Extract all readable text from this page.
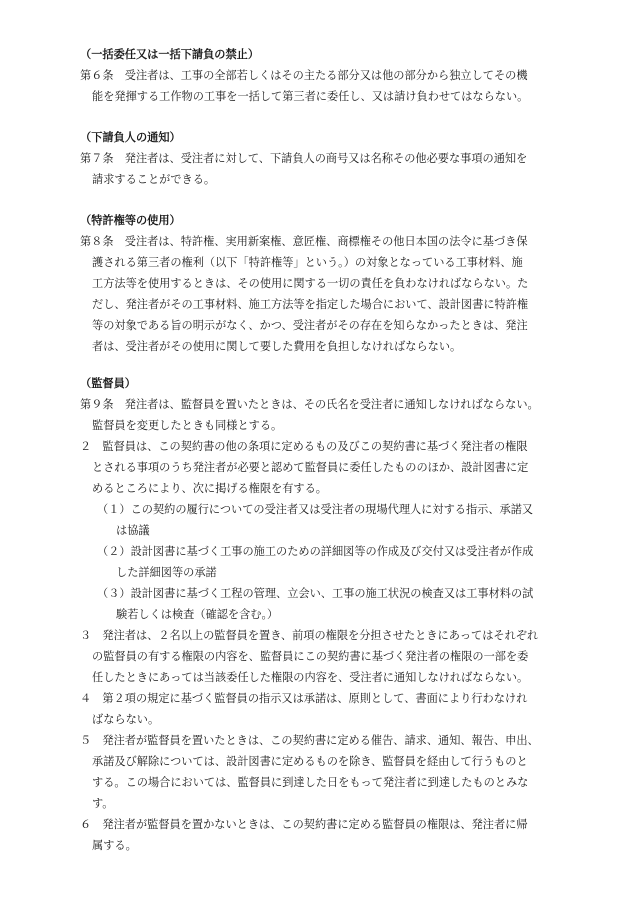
（一括委任又は一括下請負の禁止）
第６条　受注者は、工事の全部若しくはその主たる部分又は他の部分から独立してその機
能を発揮する工作物の工事を一括して第三者に委任し、又は請け負わせてはならない。
（下請負人の通知）
第７条　発注者は、受注者に対して、下請負人の商号又は名称その他必要な事項の通知を
請求することができる。
（特許権等の使用）
第８条　受注者は、特許権、実用新案権、意匠権、商標権その他日本国の法令に基づき保
護される第三者の権利（以下「特許権等」という。）の対象となっている工事材料、施
工方法等を使用するときは、その使用に関する一切の責任を負わなければならない。た
だし、発注者がその工事材料、施工方法等を指定した場合において、設計図書に特許権
等の対象である旨の明示がなく、かつ、受注者がその存在を知らなかったときは、発注
者は、受注者がその使用に関して要した費用を負担しなければならない。
（監督員）
第９条　発注者は、監督員を置いたときは、その氏名を受注者に通知しなければならない。
監督員を変更したときも同様とする。
２　監督員は、この契約書の他の条項に定めるもの及びこの契約書に基づく発注者の権限
とされる事項のうち発注者が必要と認めて監督員に委任したもののほか、設計図書に定
めるところにより、次に掲げる権限を有する。
（１）この契約の履行についての受注者又は受注者の現場代理人に対する指示、承諾又
は協議
（２）設計図書に基づく工事の施工のための詳細図等の作成及び交付又は受注者が作成
した詳細図等の承諾
（３）設計図書に基づく工程の管理、立会い、工事の施工状況の検査又は工事材料の試
験若しくは検査（確認を含む。）
３　発注者は、２名以上の監督員を置き、前項の権限を分担させたときにあってはそれぞれ
の監督員の有する権限の内容を、監督員にこの契約書に基づく発注者の権限の一部を委
任したときにあっては当該委任した権限の内容を、受注者に通知しなければならない。
４　第２項の規定に基づく監督員の指示又は承諾は、原則として、書面により行わなけれ
ばならない。
５　発注者が監督員を置いたときは、この契約書に定める催告、請求、通知、報告、申出、
承諾及び解除については、設計図書に定めるものを除き、監督員を経由して行うものと
する。この場合においては、監督員に到達した日をもって発注者に到達したものとみな
す。
６　発注者が監督員を置かないときは、この契約書に定める監督員の権限は、発注者に帰
属する。
